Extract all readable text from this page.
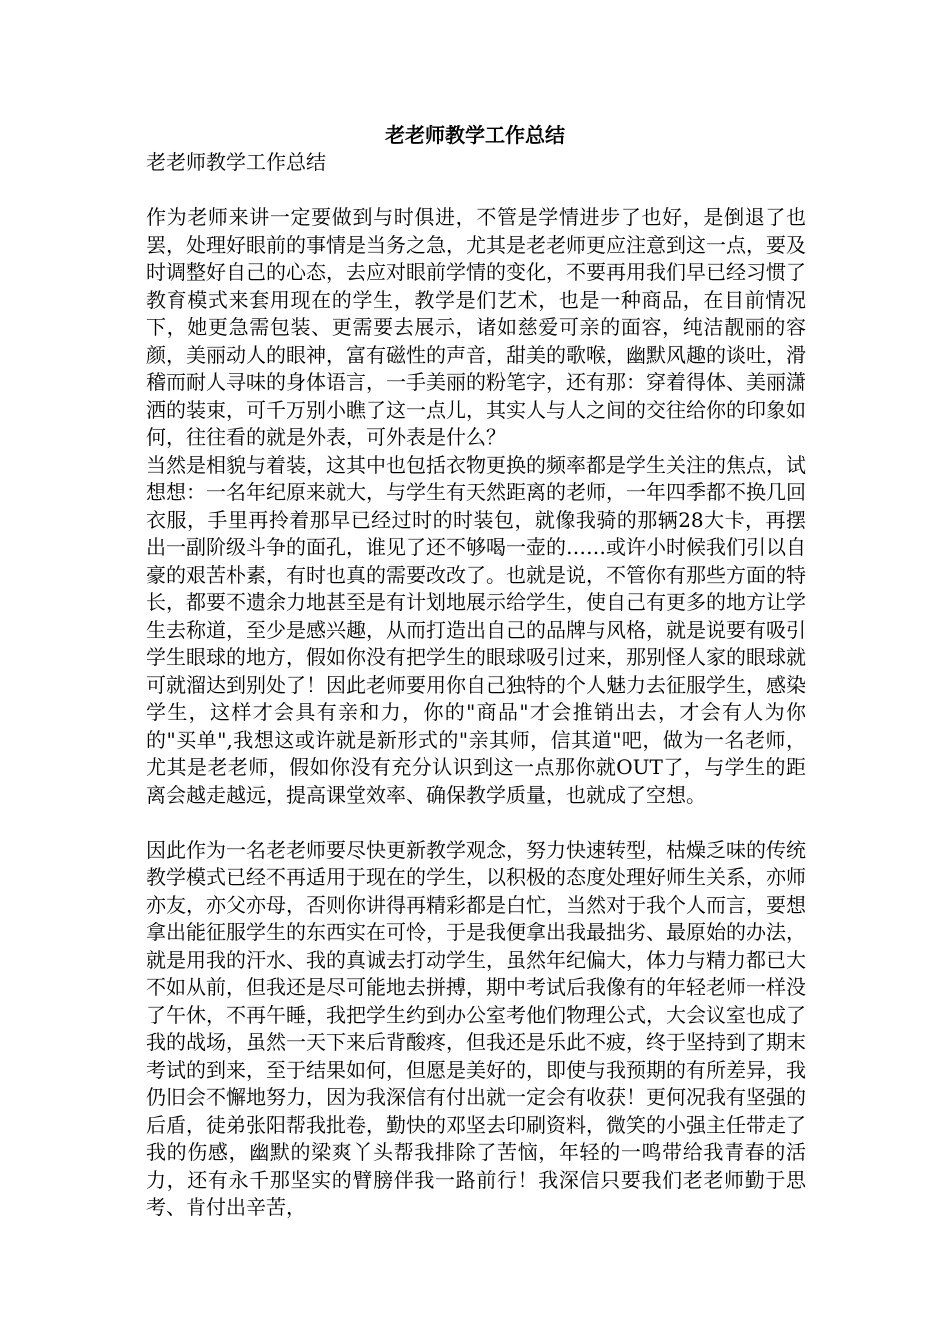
老老师教学工作总结

老老师教学工作总结

作为老师来讲一定要做到与时俱进，不管是学情进步了也好，是倒退了也罢，处理好眼前的事情是当务之急，尤其是老老师更应注意到这一点，要及时调整好自己的心态，去应对眼前学情的变化，不要再用我们早已经习惯了教育模式来套用现在的学生，教学是们艺术，也是一种商品，在目前情况下，她更急需包装、更需要去展示，诸如慈爱可亲的面容，纯洁靓丽的容颜，美丽动人的眼神，富有磁性的声音，甜美的歌喉，幽默风趣的谈吐，滑稽而耐人寻味的身体语言，一手美丽的粉笔字，还有那：穿着得体、美丽潇洒的装束，可千万别小瞧了这一点儿，其实人与人之间的交往给你的印象如何，往往看的就是外表，可外表是什么？

当然是相貌与着装，这其中也包括衣物更换的频率都是学生关注的焦点，试想想：一名年纪原来就大，与学生有天然距离的老师，一年四季都不换几回衣服，手里再拎着那早已经过时的时装包，就像我骑的那辆28大卡，再摆出一副阶级斗争的面孔，谁见了还不够喝一壶的……或许小时候我们引以自豪的艰苦朴素，有时也真的需要改改了。也就是说，不管你有那些方面的特长，都要不遗余力地甚至是有计划地展示给学生，使自己有更多的地方让学生去称道，至少是感兴趣，从而打造出自己的品牌与风格，就是说要有吸引学生眼球的地方，假如你没有把学生的眼球吸引过来，那别怪人家的眼球就可就溜达到别处了！因此老师要用你自己独特的个人魅力去征服学生，感染学生，这样才会具有亲和力，你的"商品"才会推销出去，才会有人为你的"买单",我想这或许就是新形式的"亲其师，信其道"吧，做为一名老师，尤其是老老师，假如你没有充分认识到这一点那你就OUT了，与学生的距离会越走越远，提高课堂效率、确保教学质量，也就成了空想。

因此作为一名老老师要尽快更新教学观念，努力快速转型，枯燥乏味的传统教学模式已经不再适用于现在的学生，以积极的态度处理好师生关系，亦师亦友，亦父亦母，否则你讲得再精彩都是白忙，当然对于我个人而言，要想拿出能征服学生的东西实在可怜，于是我便拿出我最拙劣、最原始的办法，就是用我的汗水、我的真诚去打动学生，虽然年纪偏大，体力与精力都已大不如从前，但我还是尽可能地去拼搏，期中考试后我像有的年轻老师一样没了午休，不再午睡，我把学生约到办公室考他们物理公式，大会议室也成了我的战场，虽然一天下来后背酸疼，但我还是乐此不疲，终于坚持到了期末考试的到来，至于结果如何，但愿是美好的，即使与我预期的有所差异，我仍旧会不懈地努力，因为我深信有付出就一定会有收获！更何况我有坚强的后盾，徒弟张阳帮我批卷，勤快的邓坚去印刷资料，微笑的小强主任带走了我的伤感，幽默的梁爽丫头帮我排除了苦恼，年轻的一鸣带给我青春的活力，还有永千那坚实的臂膀伴我一路前行！我深信只要我们老老师勤于思考、肯付出辛苦，
